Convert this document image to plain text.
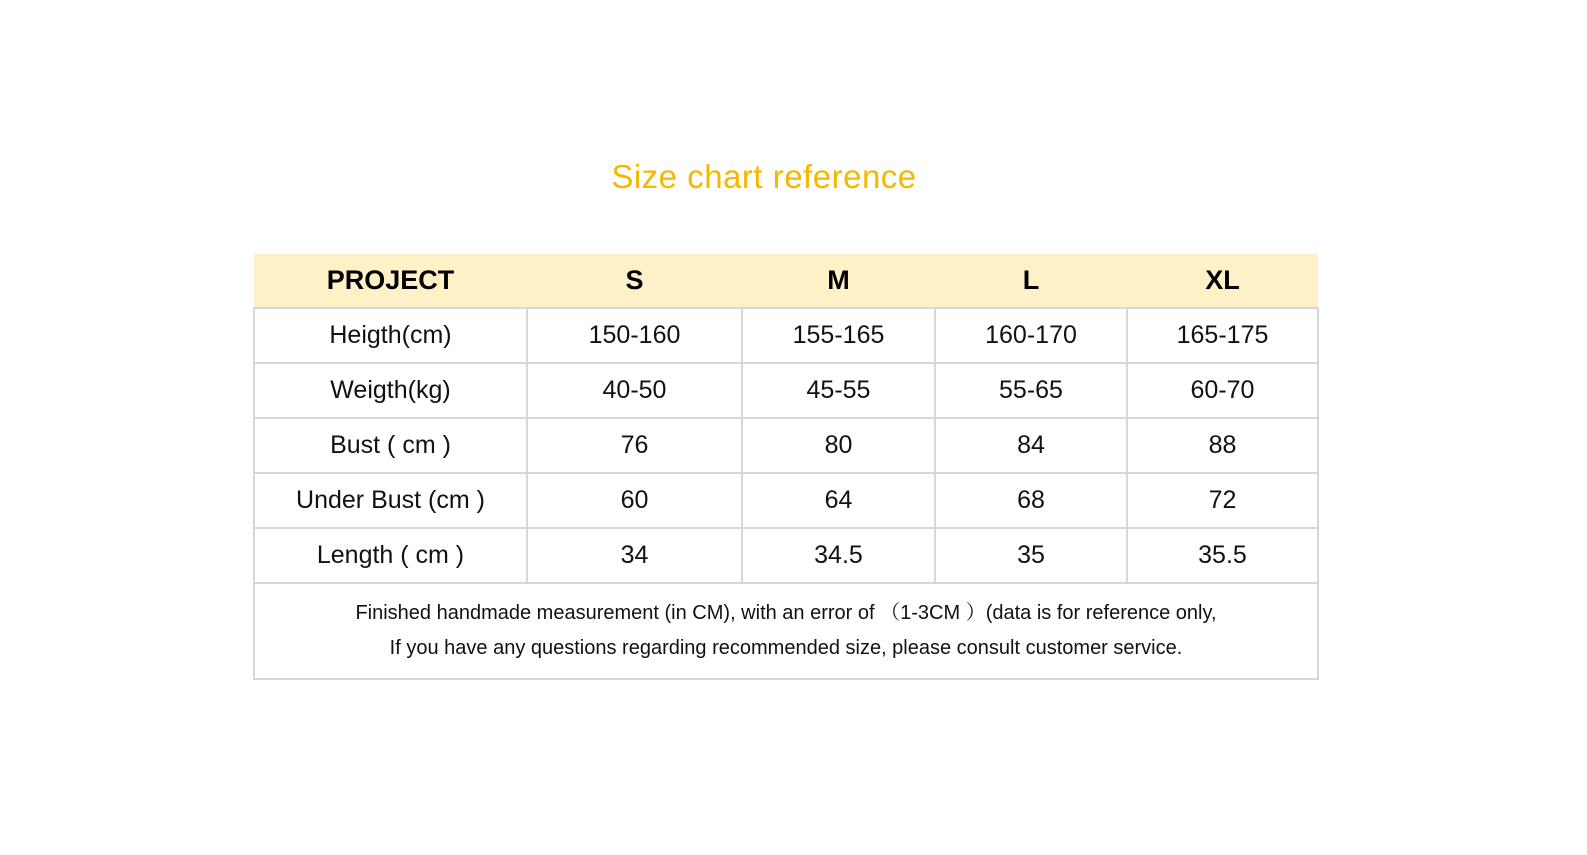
Size chart reference
PROJECT	S	M	L	XL
Heigth(cm)	150-160	155-165	160-170	165-175
Weigth(kg)	40-50	45-55	55-65	60-70
Bust ( cm )	76	80	84	88
Under Bust (cm )	60	64	68	72
Length ( cm )	34	34.5	35	35.5

Finished handmade measurement (in CM), with an error of （1-3CM ）(data is for reference only,
If you have any questions regarding recommended size, please consult customer service.				
